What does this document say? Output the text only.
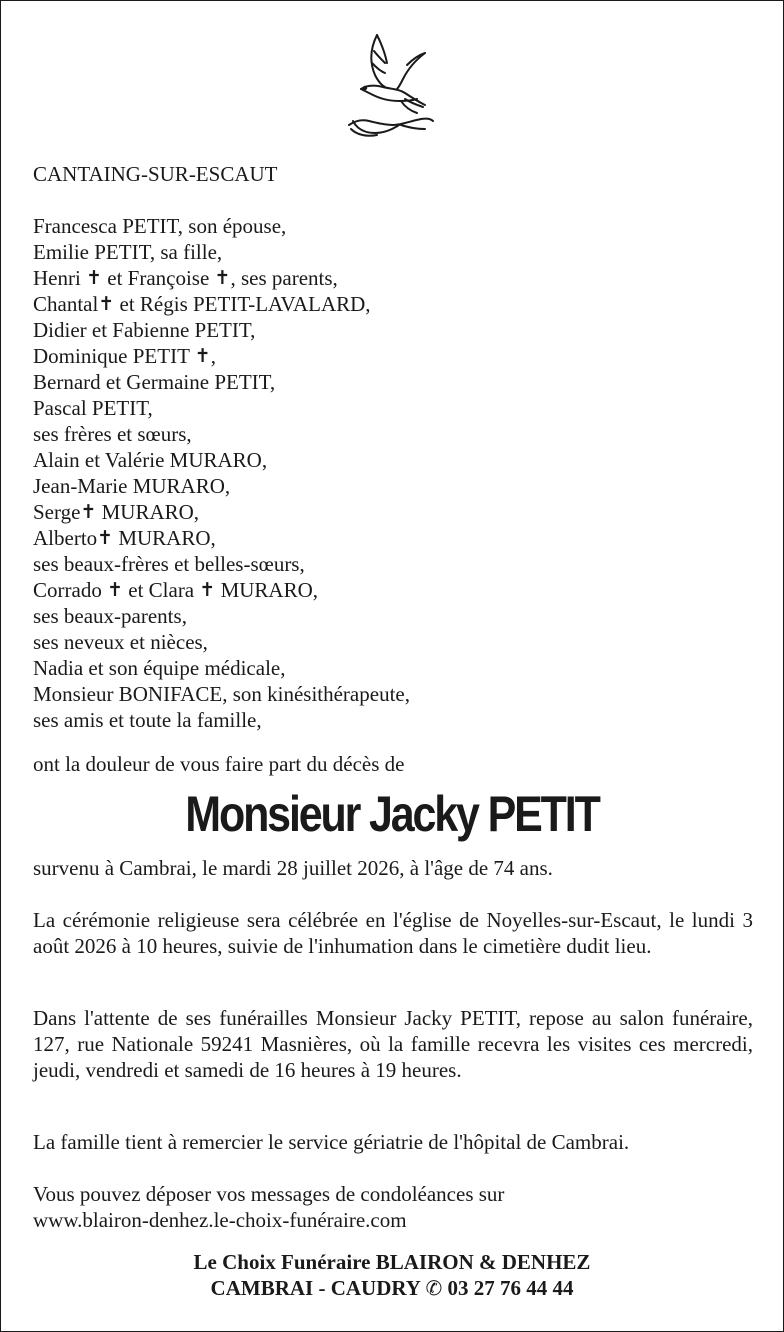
CANTAING-SUR-ESCAUT
Francesca PETIT, son épouse,
Emilie PETIT, sa fille,
Henri ✝ et Françoise ✝, ses parents,
Chantal✝ et Régis PETIT-LAVALARD,
Didier et Fabienne PETIT,
Dominique PETIT ✝,
Bernard et Germaine PETIT,
Pascal PETIT,
ses frères et sœurs,
Alain et Valérie MURARO,
Jean-Marie MURARO,
Serge✝ MURARO,
Alberto✝ MURARO,
ses beaux-frères et belles-sœurs,
Corrado ✝ et Clara ✝ MURARO,
ses beaux-parents,
ses neveux et nièces,
Nadia et son équipe médicale,
Monsieur BONIFACE, son kinésithérapeute,
ses amis et toute la famille,
ont la douleur de vous faire part du décès de
Monsieur Jacky PETIT
survenu à Cambrai, le mardi 28 juillet 2026, à l'âge de 74 ans.
La cérémonie religieuse sera célébrée en l'église de Noyelles-sur-Escaut, le lundi 3 août 2026 à 10 heures, suivie de l'inhumation dans le cimetière dudit lieu.
Dans l'attente de ses funérailles Monsieur Jacky PETIT, repose au salon funéraire, 127, rue Nationale 59241 Masnières, où la famille recevra les visites ces mercredi, jeudi, vendredi et samedi de 16 heures à 19 heures.
La famille tient à remercier le service gériatrie de l'hôpital de Cambrai.
Vous pouvez déposer vos messages de condoléances sur
www.blairon-denhez.le-choix-funéraire.com
Le Choix Funéraire BLAIRON & DENHEZ
CAMBRAI - CAUDRY ✆ 03 27 76 44 44
